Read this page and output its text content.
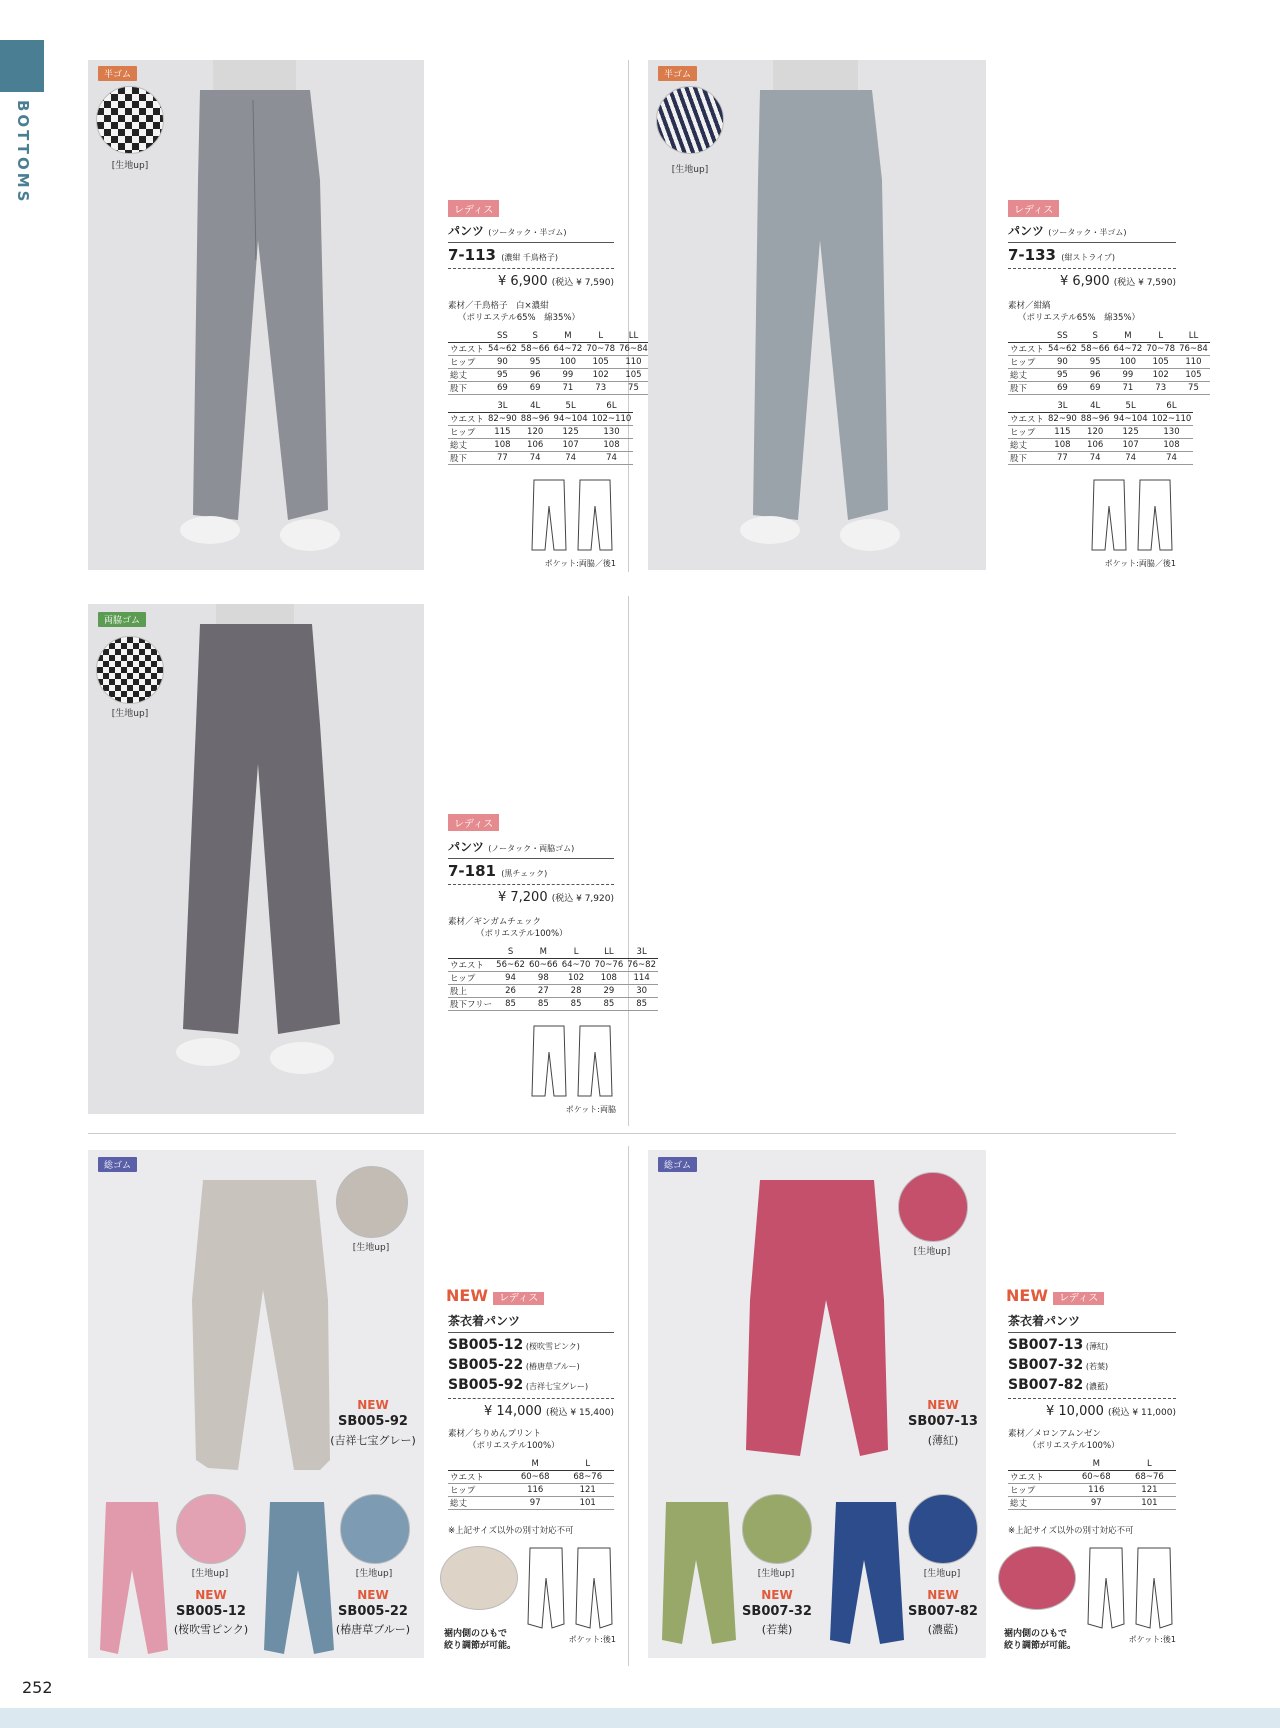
BOTTOMS
半ゴム
[生地up]
レディス
パンツ (ツータック・半ゴム)
7-113 (濃紺 千鳥格子)
¥ 6,900 (税込 ¥ 7,590)
素材／千鳥格子　白×濃紺
（ポリエステル65%　綿35%）
	SS	S	M	L	LL
ウエスト	54~62	58~66	64~72	70~78	76~84
ヒップ	90	95	100	105	110
総丈	95	96	99	102	105
股下	69	69	71	73	75
	3L	4L	5L	6L
ウエスト	82~90	88~96	94~104	102~110
ヒップ	115	120	125	130
総丈	108	106	107	108
股下	77	74	74	74
ポケット:両脇／後1
半ゴム
[生地up]
レディス
パンツ (ツータック・半ゴム)
7-133 (紺ストライプ)
¥ 6,900 (税込 ¥ 7,590)
素材／紺縞
（ポリエステル65%　綿35%）
	SS	S	M	L	LL
ウエスト	54~62	58~66	64~72	70~78	76~84
ヒップ	90	95	100	105	110
総丈	95	96	99	102	105
股下	69	69	71	73	75
	3L	4L	5L	6L
ウエスト	82~90	88~96	94~104	102~110
ヒップ	115	120	125	130
総丈	108	106	107	108
股下	77	74	74	74
ポケット:両脇／後1
両脇ゴム
[生地up]
レディス
パンツ (ノータック・両脇ゴム)
7-181 (黒チェック)
¥ 7,200 (税込 ¥ 7,920)
素材／ギンガムチェック
（ポリエステル100%）
	S	M	L	LL	3L
ウエスト	56~62	60~66	64~70	70~76	76~82
ヒップ	94	98	102	108	114
股上	26	27	28	29	30
股下フリー	85	85	85	85	85
ポケット:両脇
総ゴム
[生地up]
NEW
SB005-92
(吉祥七宝グレー)
[生地up]
NEW
SB005-12
(桜吹雪ピンク)
[生地up]
NEW
SB005-22
(椿唐草ブルー)
NEW レディス
茶衣着パンツ
SB005-12 (桜吹雪ピンク)
SB005-22 (椿唐草ブルー)
SB005-92 (吉祥七宝グレー)
¥ 14,000 (税込 ¥ 15,400)
素材／ちりめんプリント
（ポリエステル100%）
	M	L
ウエスト	60~68	68~76
ヒップ	116	121
総丈	97	101
※上記サイズ以外の別寸対応不可
裾内側のひもで
絞り調節が可能。
ポケット:後1
総ゴム
[生地up]
NEW
SB007-13
(薄紅)
[生地up]
NEW
SB007-32
(若葉)
[生地up]
NEW
SB007-82
(濃藍)
NEW レディス
茶衣着パンツ
SB007-13 (薄紅)
SB007-32 (若葉)
SB007-82 (濃藍)
¥ 10,000 (税込 ¥ 11,000)
素材／メロンアムンゼン
（ポリエステル100%）
	M	L
ウエスト	60~68	68~76
ヒップ	116	121
総丈	97	101
※上記サイズ以外の別寸対応不可
裾内側のひもで
絞り調節が可能。
ポケット:後1
252
